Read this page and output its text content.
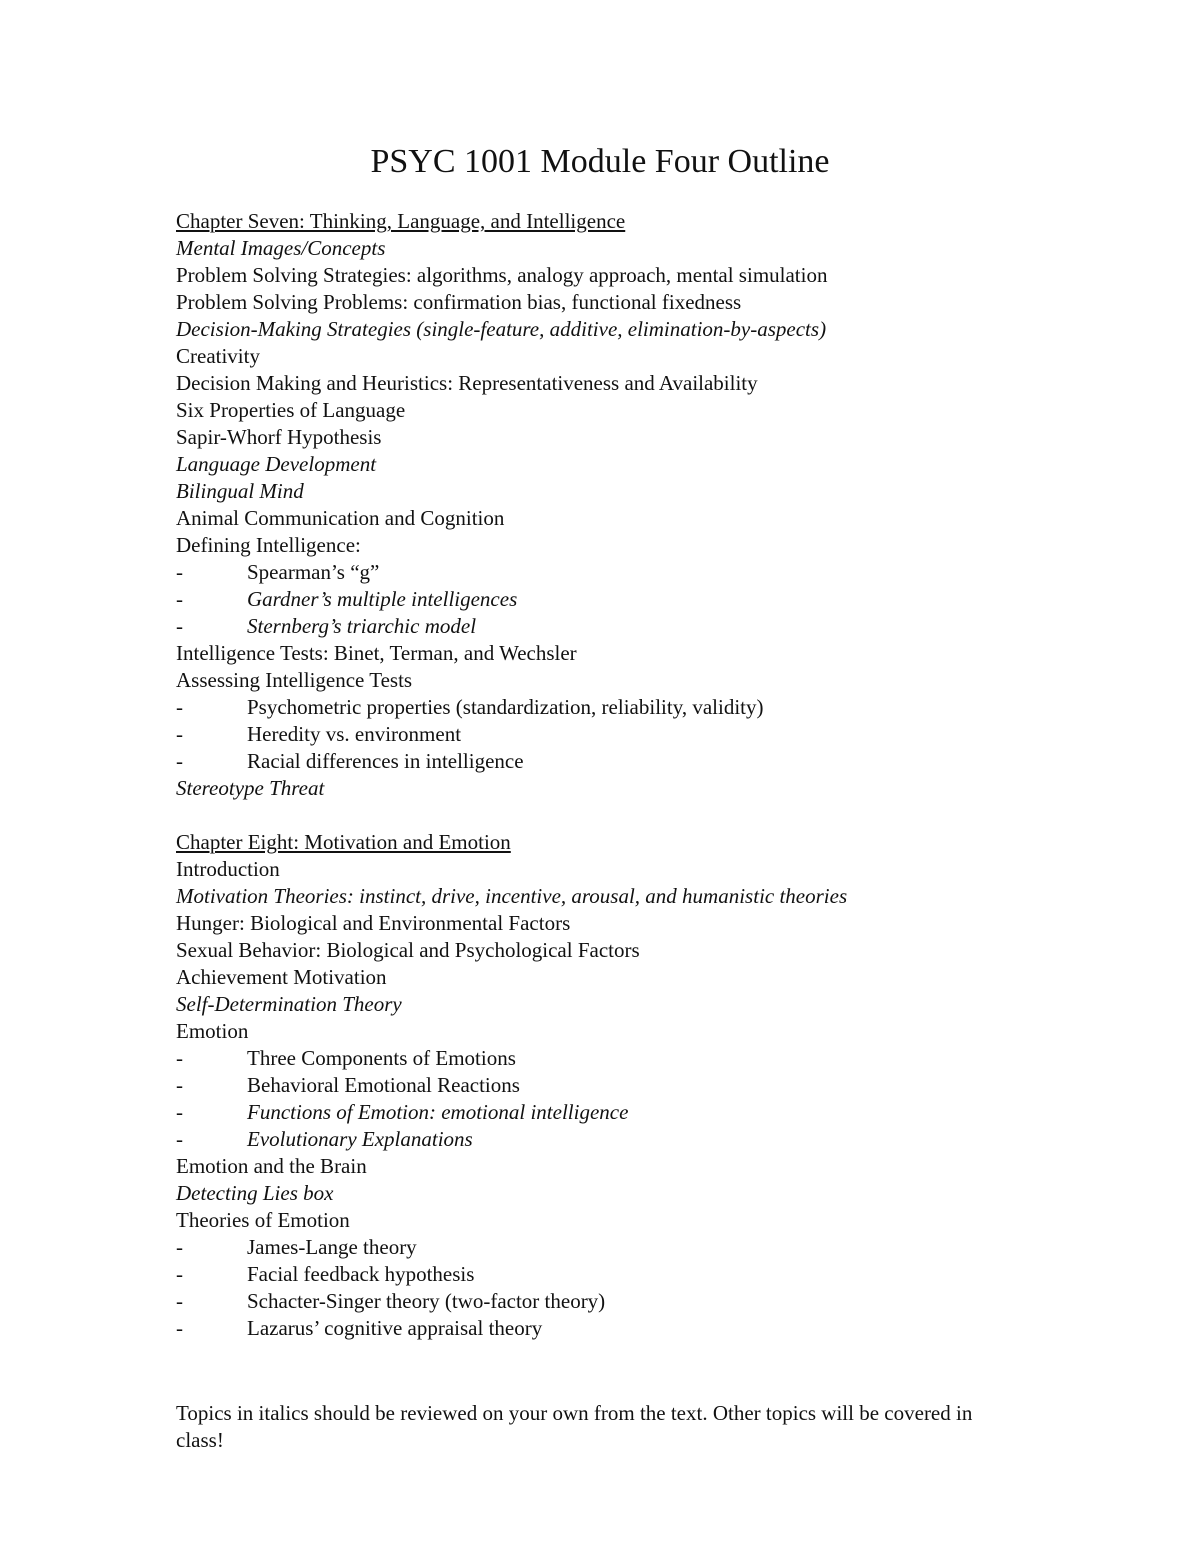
PSYC 1001 Module Four Outline
Chapter Seven: Thinking, Language, and Intelligence
Mental Images/Concepts
Problem Solving Strategies: algorithms, analogy approach, mental simulation
Problem Solving Problems: confirmation bias, functional fixedness
Decision-Making Strategies (single-feature, additive, elimination-by-aspects)
Creativity
Decision Making and Heuristics: Representativeness and Availability
Six Properties of Language
Sapir-Whorf Hypothesis
Language Development
Bilingual Mind
Animal Communication and Cognition
Defining Intelligence:
-	Spearman’s “g”
-	Gardner’s multiple intelligences
-	Sternberg’s triarchic model
Intelligence Tests: Binet, Terman, and Wechsler
Assessing Intelligence Tests
-	Psychometric properties (standardization, reliability, validity)
-	Heredity vs. environment
-	Racial differences in intelligence
Stereotype Threat
Chapter Eight: Motivation and Emotion
Introduction
Motivation Theories: instinct, drive, incentive, arousal, and humanistic theories
Hunger: Biological and Environmental Factors
Sexual Behavior: Biological and Psychological Factors
Achievement Motivation
Self-Determination Theory
Emotion
-	Three Components of Emotions
-	Behavioral Emotional Reactions
-	Functions of Emotion: emotional intelligence
-	Evolutionary Explanations
Emotion and the Brain
Detecting Lies box
Theories of Emotion
-	James-Lange theory
-	Facial feedback hypothesis
-	Schacter-Singer theory (two-factor theory)
-	Lazarus’ cognitive appraisal theory
Topics in italics should be reviewed on your own from the text. Other topics will be covered in class!
